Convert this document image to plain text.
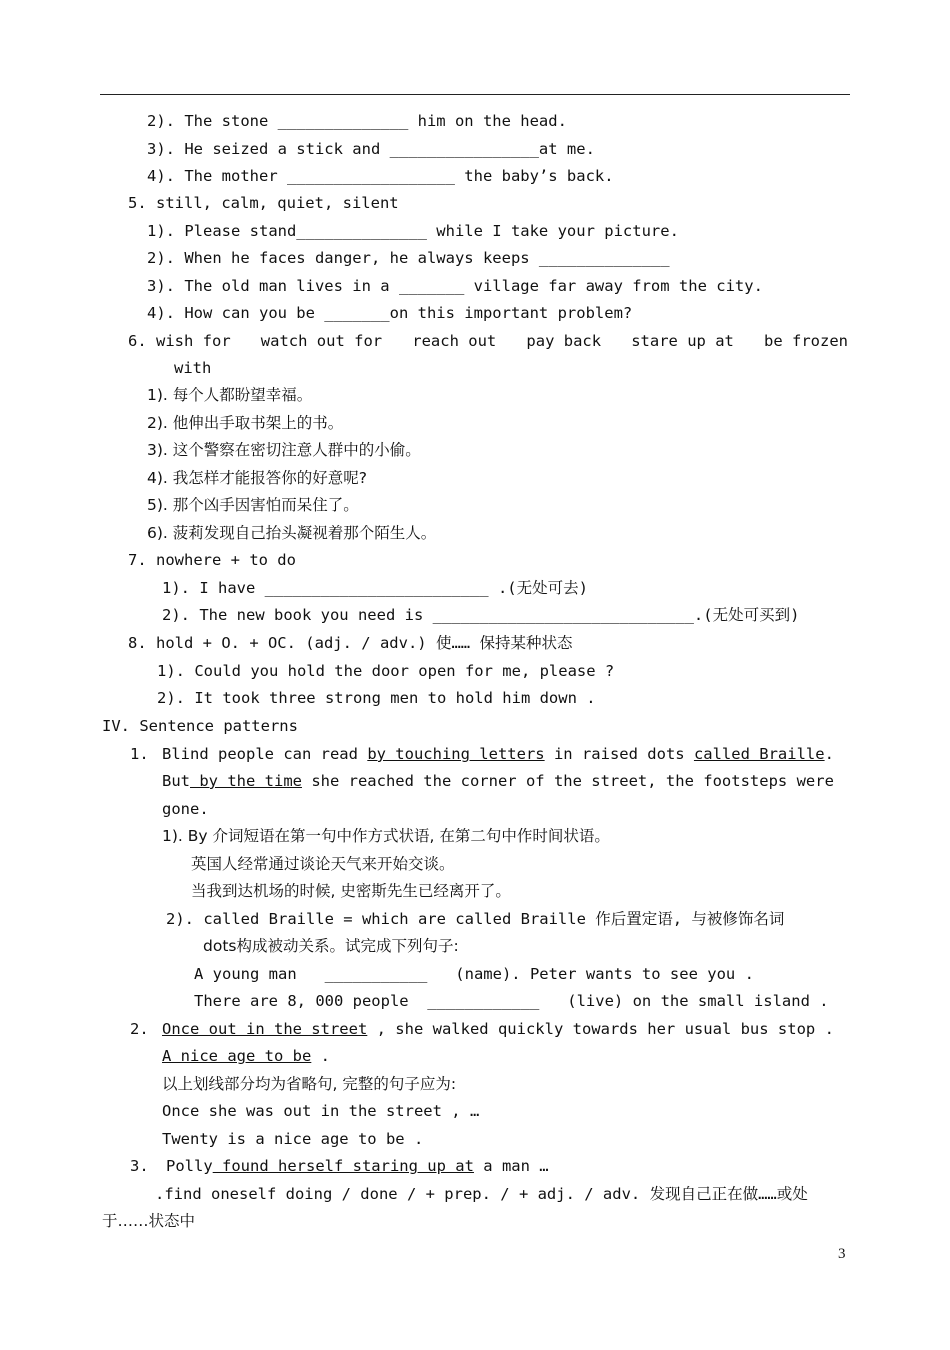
2). The stone ______________ him on the head.
3). He seized a stick and ________________at me.
4). The mother __________________ the baby’s back.
5. still, calm, quiet, silent
1). Please stand______________ while I take your picture.
2). When he faces danger, he always keeps ______________
3). The old man lives in a _______ village far away from the city.
4). How can you be _______on this important problem?
6. wish for watch out for reach out pay back stare up at be frozen
with
1). 每个人都盼望幸福。
2). 他伸出手取书架上的书。
3). 这个警察在密切注意人群中的小偷。
4). 我怎样才能报答你的好意呢?
5). 那个凶手因害怕而呆住了。
6). 菠莉发现自己抬头凝视着那个陌生人。
7. nowhere + to do
1). I have ________________________ .(无处可去)
2). The new book you need is ____________________________.(无处可买到)
8. hold + O. + OC. (adj. / adv.) 使…… 保持某种状态
1). Could you hold the door open for me, please ?
2). It took three strong men to hold him down .
IV. Sentence patterns
1. Blind people can read by touching letters in raised dots called Braille.
But by the time she reached the corner of the street, the footsteps were
gone.
1). By 介词短语在第一句中作方式状语, 在第二句中作时间状语。
英国人经常通过谈论天气来开始交谈。
当我到达机场的时候, 史密斯先生已经离开了。
2). called Braille = which are called Braille 作后置定语, 与被修饰名词
dots构成被动关系。试完成下列句子:
A young man   ___________   (name). Peter wants to see you .
There are 8, 000 people  ____________   (live) on the small island .
2. Once out in the street , she walked quickly towards her usual bus stop .
A nice age to be .
以上划线部分均为省略句, 完整的句子应为:
Once she was out in the street , …
Twenty is a nice age to be .
3. Polly found herself staring up at a man …
.find oneself doing / done / + prep. / + adj. / adv. 发现自己正在做……或处
于……状态中
3
